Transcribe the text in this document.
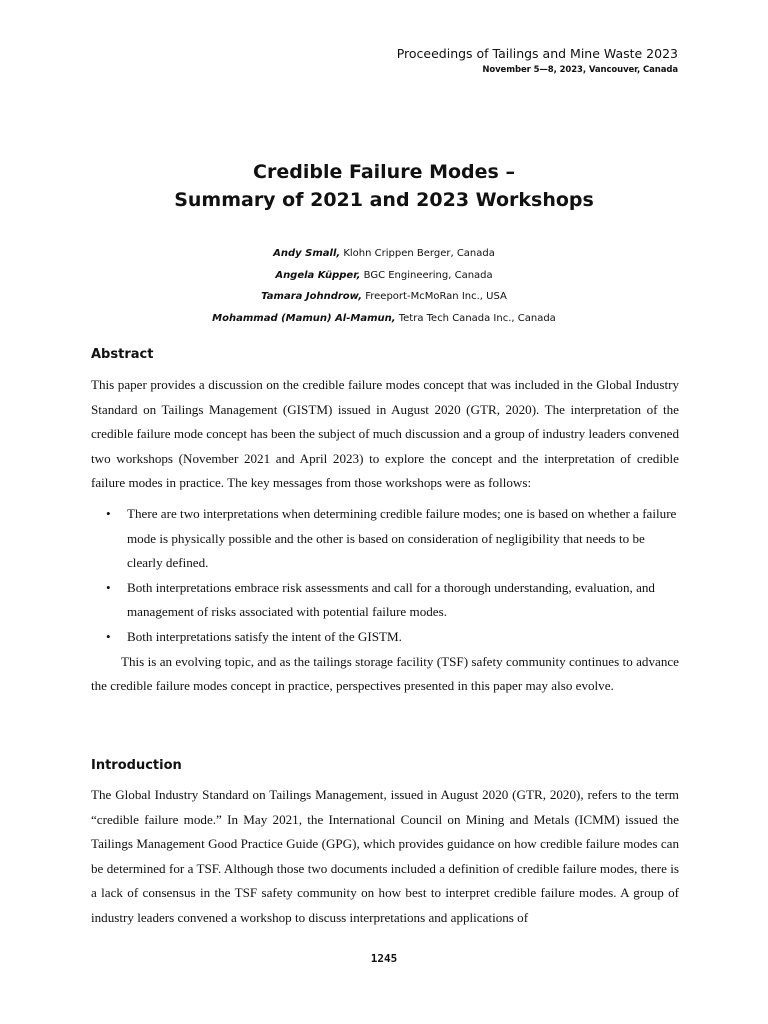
Proceedings of Tailings and Mine Waste 2023
November 5—8, 2023, Vancouver, Canada
Credible Failure Modes –
Summary of 2021 and 2023 Workshops
Andy Small, Klohn Crippen Berger, Canada
Angela Küpper, BGC Engineering, Canada
Tamara Johndrow, Freeport-McMoRan Inc., USA
Mohammad (Mamun) Al-Mamun, Tetra Tech Canada Inc., Canada
Abstract

This paper provides a discussion on the credible failure modes concept that was included in the Global Industry Standard on Tailings Management (GISTM) issued in August 2020 (GTR, 2020). The interpretation of the credible failure mode concept has been the subject of much discussion and a group of industry leaders convened two workshops (November 2021 and April 2023) to explore the concept and the interpretation of credible failure modes in practice. The key messages from those workshops were as follows:

• There are two interpretations when determining credible failure modes; one is based on whether a failure mode is physically possible and the other is based on consideration of negligibility that needs to be clearly defined.
• Both interpretations embrace risk assessments and call for a thorough understanding, evaluation, and management of risks associated with potential failure modes.
• Both interpretations satisfy the intent of the GISTM.

This is an evolving topic, and as the tailings storage facility (TSF) safety community continues to advance the credible failure modes concept in practice, perspectives presented in this paper may also evolve.

Introduction

The Global Industry Standard on Tailings Management, issued in August 2020 (GTR, 2020), refers to the term “credible failure mode.” In May 2021, the International Council on Mining and Metals (ICMM) issued the Tailings Management Good Practice Guide (GPG), which provides guidance on how credible failure modes can be determined for a TSF. Although those two documents included a definition of credible failure modes, there is a lack of consensus in the TSF safety community on how best to interpret credible failure modes. A group of industry leaders convened a workshop to discuss interpretations and applications of

1245
